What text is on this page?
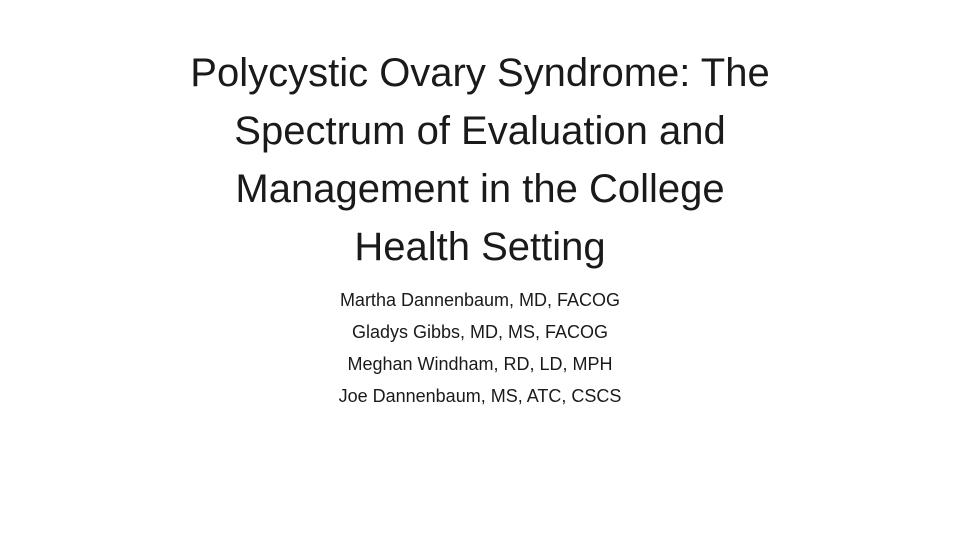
Polycystic Ovary Syndrome: The
Spectrum of Evaluation and
Management in the College
Health Setting
Martha Dannenbaum, MD, FACOG
Gladys Gibbs, MD, MS, FACOG
Meghan Windham, RD, LD, MPH
Joe Dannenbaum, MS, ATC, CSCS
